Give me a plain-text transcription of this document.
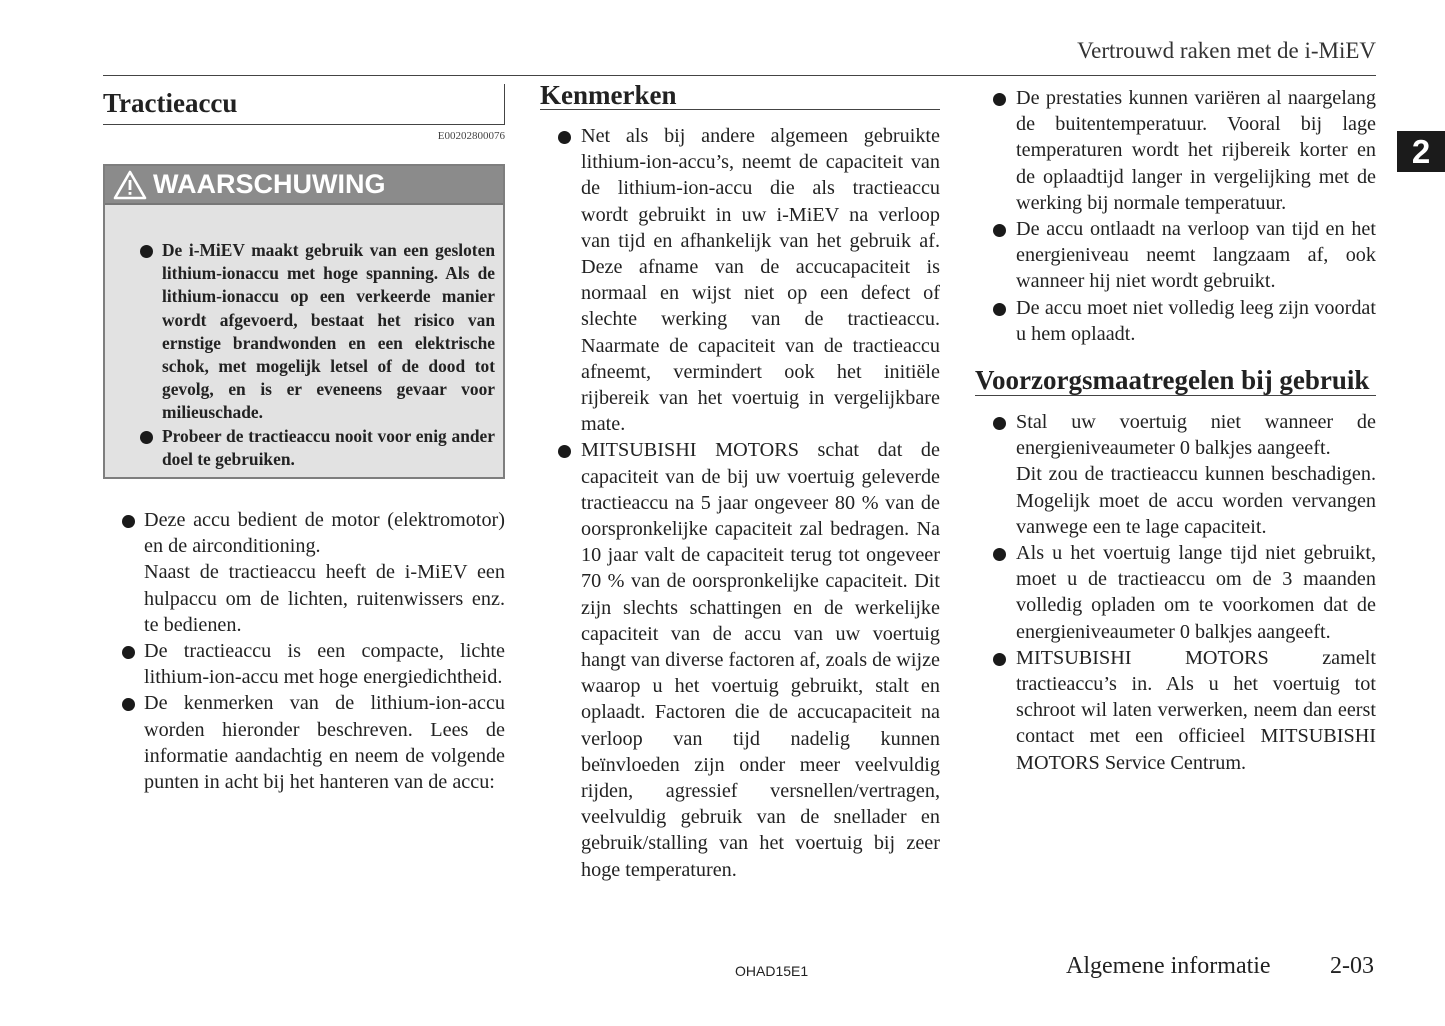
Vertrouwd raken met de i-MiEV
2
Tractieaccu
E00202800076
WAARSCHUWING
De i-MiEV maakt gebruik van een gesloten lithium-ionaccu met hoge spanning. Als de lithium-ionaccu op een verkeerde manier wordt afgevoerd, bestaat het risico van ernstige brandwonden en een elektrische schok, met mogelijk letsel of de dood tot gevolg, en is er eveneens gevaar voor milieuschade.
Probeer de tractieaccu nooit voor enig ander doel te gebruiken.
Deze accu bedient de motor (elektromotor) en de airconditioning.
Naast de tractieaccu heeft de i-MiEV een hulpaccu om de lichten, ruitenwissers enz. te bedienen.
De tractieaccu is een compacte, lichte lithium-ion-accu met hoge energiedichtheid.
De kenmerken van de lithium-ion-accu worden hieronder beschreven. Lees de informatie aandachtig en neem de volgende punten in acht bij het hanteren van de accu:
Kenmerken
Net als bij andere algemeen gebruikte lithium-ion-accu’s, neemt de capaciteit van de lithium-ion-accu die als tractieaccu wordt gebruikt in uw i-MiEV na verloop van tijd en afhankelijk van het gebruik af. Deze afname van de accucapaciteit is normaal en wijst niet op een defect of slechte werking van de tractieaccu. Naarmate de capaciteit van de tractieaccu afneemt, vermindert ook het initiële rijbereik van het voertuig in vergelijkbare mate.
MITSUBISHI MOTORS schat dat de capaciteit van de bij uw voertuig geleverde tractieaccu na 5 jaar ongeveer 80 % van de oorspronkelijke capaciteit zal bedragen. Na 10 jaar valt de capaciteit terug tot ongeveer 70 % van de oorspronkelijke capaciteit. Dit zijn slechts schattingen en de werkelijke capaciteit van de accu van uw voertuig hangt van diverse factoren af, zoals de wijze waarop u het voertuig gebruikt, stalt en oplaadt. Factoren die de accucapaciteit na verloop van tijd nadelig kunnen beïnvloeden zijn onder meer veelvuldig rijden, agressief versnellen/vertragen, veelvuldig gebruik van de snellader en gebruik/stalling van het voertuig bij zeer hoge temperaturen.
De prestaties kunnen variëren al naargelang de buitentemperatuur. Vooral bij lage temperaturen wordt het rijbereik korter en de oplaadtijd langer in vergelijking met de werking bij normale temperatuur.
De accu ontlaadt na verloop van tijd en het energieniveau neemt langzaam af, ook wanneer hij niet wordt gebruikt.
De accu moet niet volledig leeg zijn voordat u hem oplaadt.
Voorzorgsmaatregelen bij gebruik
Stal uw voertuig niet wanneer de energieniveaumeter 0 balkjes aangeeft.
Dit zou de tractieaccu kunnen beschadigen. Mogelijk moet de accu worden vervangen vanwege een te lage capaciteit.
Als u het voertuig lange tijd niet gebruikt, moet u de tractieaccu om de 3 maanden volledig opladen om te voorkomen dat de energieniveaumeter 0 balkjes aangeeft.
MITSUBISHI MOTORS zamelt tractieaccu’s in. Als u het voertuig tot schroot wil laten verwerken, neem dan eerst contact met een officieel MITSUBISHI MOTORS Service Centrum.
OHAD15E1	Algemene informatie 2-03
